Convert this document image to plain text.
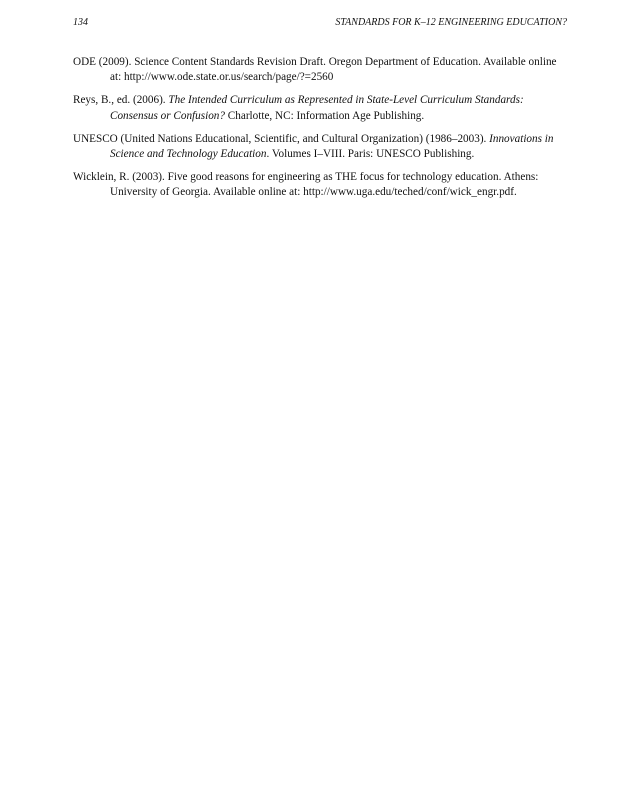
134	STANDARDS FOR K–12 ENGINEERING EDUCATION?

ODE (2009). Science Content Standards Revision Draft. Oregon Department of Education. Available online at: http://www.ode.state.or.us/search/page/?=2560

Reys, B., ed. (2006). The Intended Curriculum as Represented in State-Level Curriculum Standards: Consensus or Confusion? Charlotte, NC: Information Age Publishing.

UNESCO (United Nations Educational, Scientific, and Cultural Organization) (1986–2003). Innovations in Science and Technology Education. Volumes I–VIII. Paris: UNESCO Publishing.

Wicklein, R. (2003). Five good reasons for engineering as THE focus for technology education. Athens: University of Georgia. Available online at: http://www.uga.edu/teched/conf/wick_engr.pdf.
